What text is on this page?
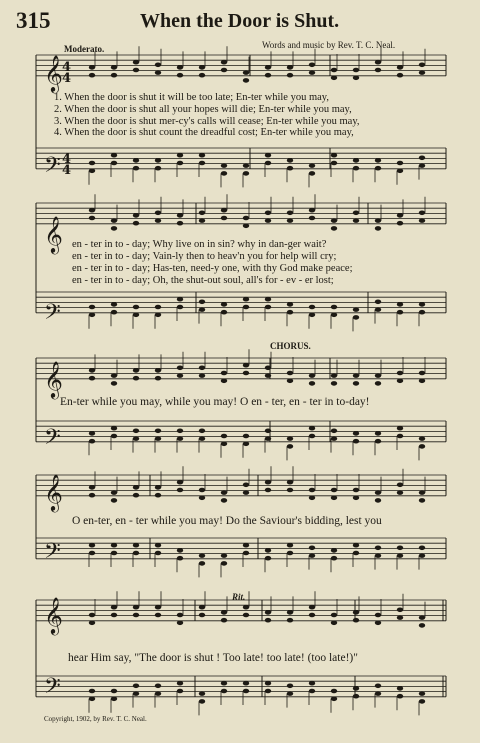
315	When the Door is Shut.
Words and music by Rev. T. C. Neal.
𝄞
𝄢
𝄞
𝄢
𝄞
𝄢
𝄞
𝄢
𝄞
𝄢
4
4
4
4
Moderato.
CHORUS.
Rit.
1. When the door is shut it will be too late; En-ter while you may,
2. When the door is shut all your hopes will die; En-ter while you may,
3. When the door is shut mer-cy's calls will cease; En-ter while you may,
4. When the door is shut count the dreadful cost; En-ter while you may,
en - ter in to - day; Why live on in sin? why in dan-ger wait?
en - ter in to - day; Vain-ly then to heav'n you for help will cry;
en - ter in to - day; Has-ten, need-y one, with thy God make peace;
en - ter in to - day; Oh, the shut-out soul, all's for - ev - er lost;
En-ter while you may, while you may! O en - ter, en - ter in to-day!
O en-ter, en - ter while you may! Do the Saviour's bidding, lest you
hear Him say, "The door is shut ! Too late! too late! (too late!)"
Copyright, 1902, by Rev. T. C. Neal.
